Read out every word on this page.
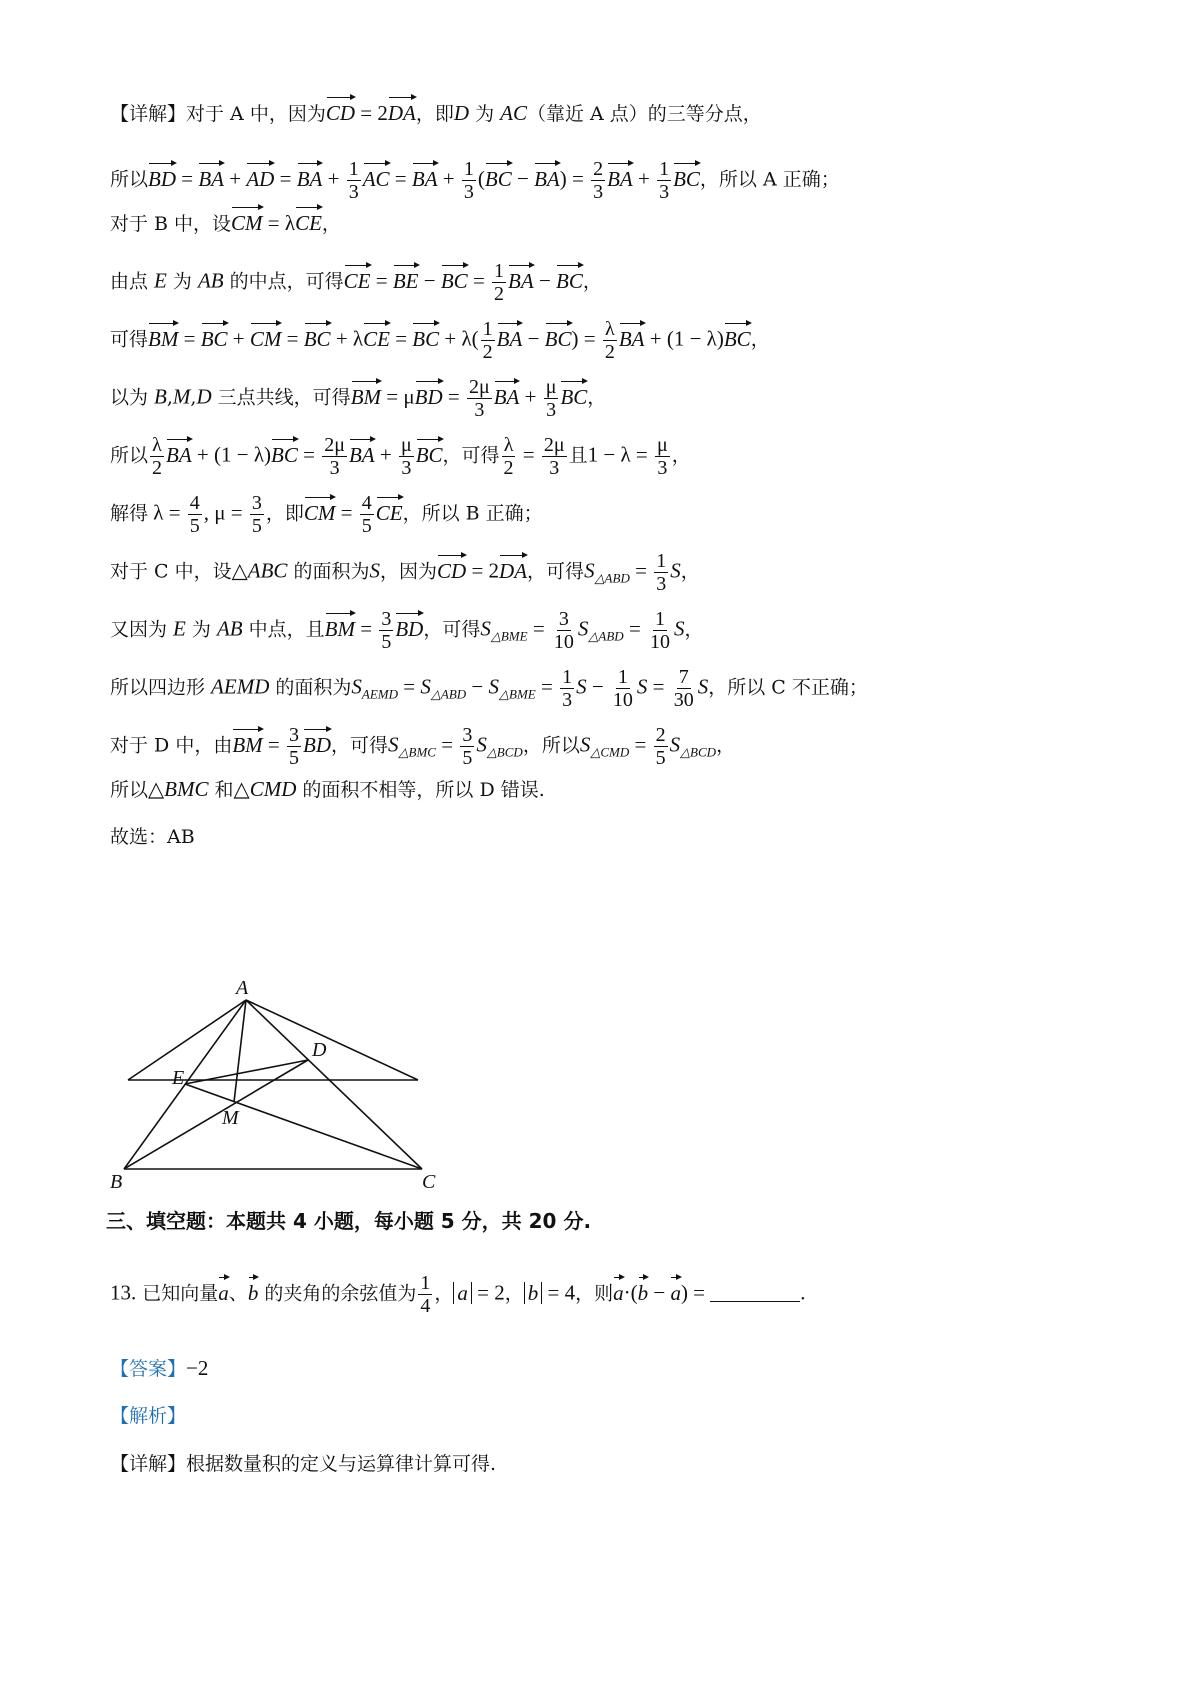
【详解】对于 A 中，因为CD = 2DA，即D 为 AC（靠近 A 点）的三等分点，
所以BD = BA + AD = BA + $\frac{1}{3}$ AC = BA + $\frac{1}{3} (BC - BA) = \frac{2}{3}$ BA + $\frac{1}{3}$ BC，所以 A 正确；
对于 B 中，设CM = λCE，
由点 E 为 AB 的中点，可得CE = BE − BC = $\frac{1}{2}$ BA − BC，
可得BM = BC + CM = BC + λCE = BC + $\lambda( \frac{1}{2}$ BA − $BC) = \frac{\lambda}{2}$ BA + (1 − λ)BC，
以为 B,M,D 三点共线，可得BM = $\mu BD = \frac{2\mu}{3}$ BA + $\frac{\mu}{3}$ BC，
所以 $\frac{\lambda}{2}$ BA + $(1 - \lambda)BC = \frac{2\mu}{3}$ BA + $\frac{\mu}{3}$ BC，可得 $\frac{\lambda}{2} = \frac{2\mu}{3}$ 且$1 - \lambda = \frac{\mu}{3}$ ，
解得 $\lambda = \frac{4}{5}$ , $\mu = \frac{3}{5}$ ，即CM = $\frac{4}{5}$ CE，所以 B 正确；
对于 C 中，设△ABC 的面积为S，因为CD = 2DA，可得$S_{\triangle ABD} = \frac{1}{3}$ S，
又因为 E 为 AB 中点，且BM = $\frac{3}{5}$ BD，可得$S_{\triangle BME} = \frac{3}{10} S_{\triangle ABD} = \frac{1}{10}$ S，
所以四边形 AEMD 的面积为$S_{AEMD} = S_{\triangle ABD} - S_{\triangle BME} = \frac{1}{3}$ $S - \frac{1}{10}$ $S = \frac{7}{30}$ S，所以 C 不正确；
对于 D 中，由BM = $\frac{3}{5}$ BD，可得$S_{\triangle BMC} = \frac{3}{5} S_{\triangle BCD}$，所以$S_{\triangle CMD} = \frac{2}{5} S_{\triangle BCD}$，
所以△BMC 和△CMD 的面积不相等，所以 D 错误.
故选：AB
A
B	C
D
E
M
三、填空题：本题共 4 小题，每小题 5 分，共 20 分.
13. 已知向量a、b 的夹角的余弦值为 $\frac{1}{4}$ ， a = 2， b = 4，则a·(b − a) =	.
【答案】−2
【解析】
【详解】根据数量积的定义与运算律计算可得.
